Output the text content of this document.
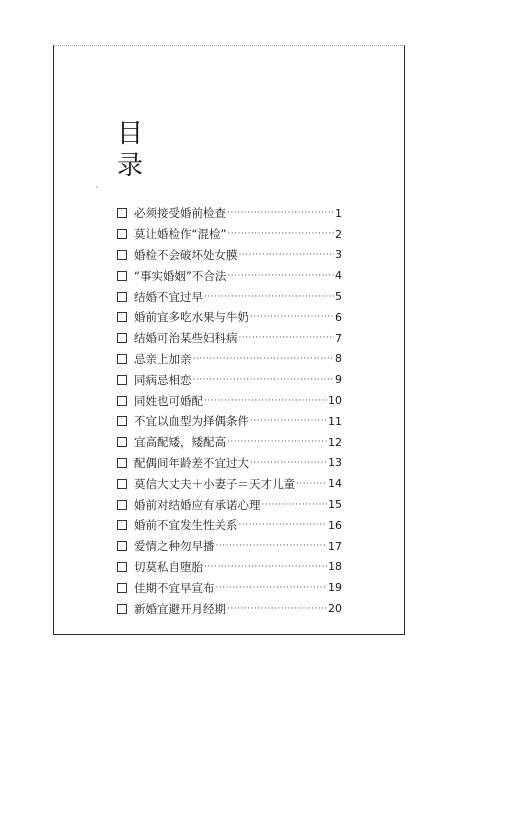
目
录
必须接受婚前检查 ·····	1
莫让婚检作“混检” ·····	2
婚检不会破坏处女膜 ·····	3
“事实婚姻”不合法 ·····	4
结婚不宜过早 ·····	5
婚前宜多吃水果与牛奶 ·····	6
结婚可治某些妇科病 ·····	7
忌亲上加亲 ·····	8
同病忌相恋 ·····	9
同姓也可婚配 ·····	10
不宜以血型为择偶条件 ·····	11
宜高配矮，矮配高 ·····	12
配偶间年龄差不宜过大 ·····	13
莫信大丈夫＋小妻子＝天才儿童 ·····	14
婚前对结婚应有承诺心理 ·····	15
婚前不宜发生性关系 ·····	16
爱情之种勿早播 ·····	17
切莫私自堕胎 ·····	18
佳期不宜早宣布 ·····	19
新婚宜避开月经期 ·····	20
